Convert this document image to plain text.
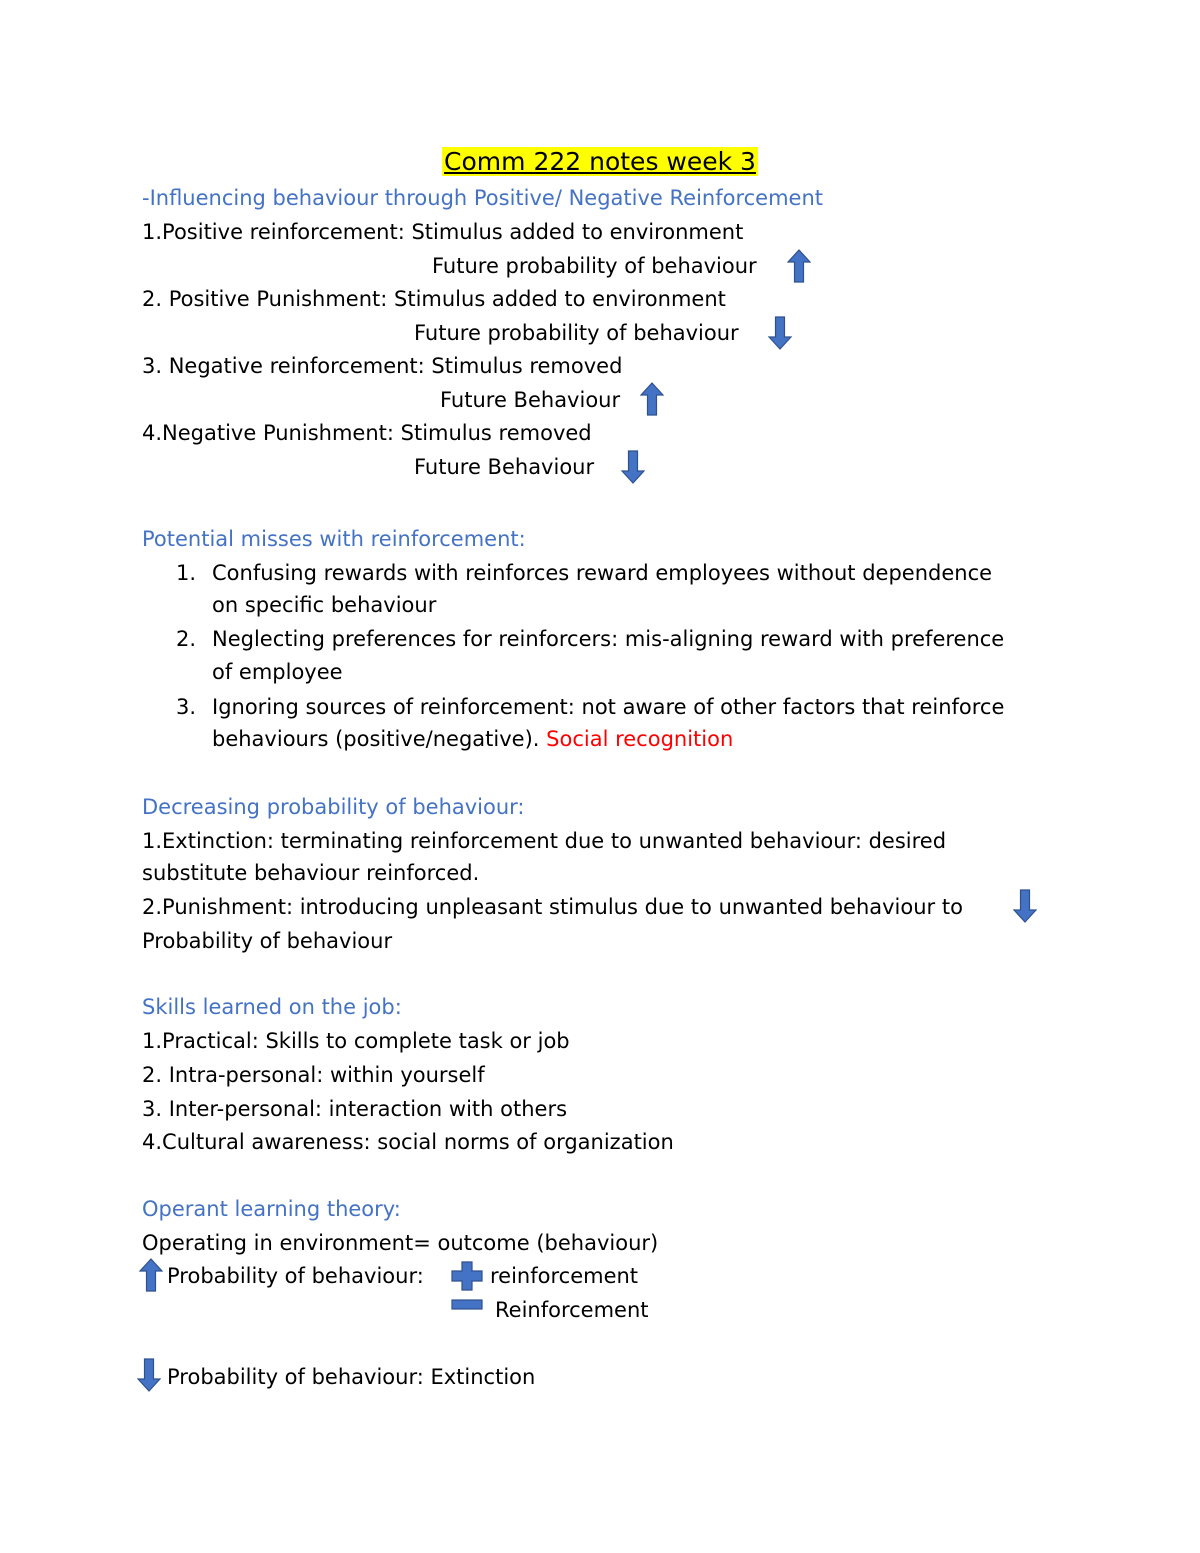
Comm 222 notes week 3
-Influencing behaviour through Positive/ Negative Reinforcement
1.Positive reinforcement: Stimulus added to environment
Future probability of behaviour
2. Positive Punishment: Stimulus added to environment
Future probability of behaviour
3. Negative reinforcement: Stimulus removed
Future Behaviour
4.Negative Punishment: Stimulus removed
Future Behaviour
Potential misses with reinforcement:
1. Confusing rewards with reinforces reward employees without dependence
on specific behaviour
2. Neglecting preferences for reinforcers: mis-aligning reward with preference
of employee
3. Ignoring sources of reinforcement: not aware of other factors that reinforce
behaviours (positive/negative). Social recognition
Decreasing probability of behaviour:
1.Extinction: terminating reinforcement due to unwanted behaviour: desired
substitute behaviour reinforced.
2.Punishment: introducing unpleasant stimulus due to unwanted behaviour to
Probability of behaviour
Skills learned on the job:
1.Practical: Skills to complete task or job
2. Intra-personal: within yourself
3. Inter-personal: interaction with others
4.Cultural awareness: social norms of organization
Operant learning theory:
Operating in environment= outcome (behaviour)
Probability of behaviour:	reinforcement
Reinforcement
Probability of behaviour: Extinction
